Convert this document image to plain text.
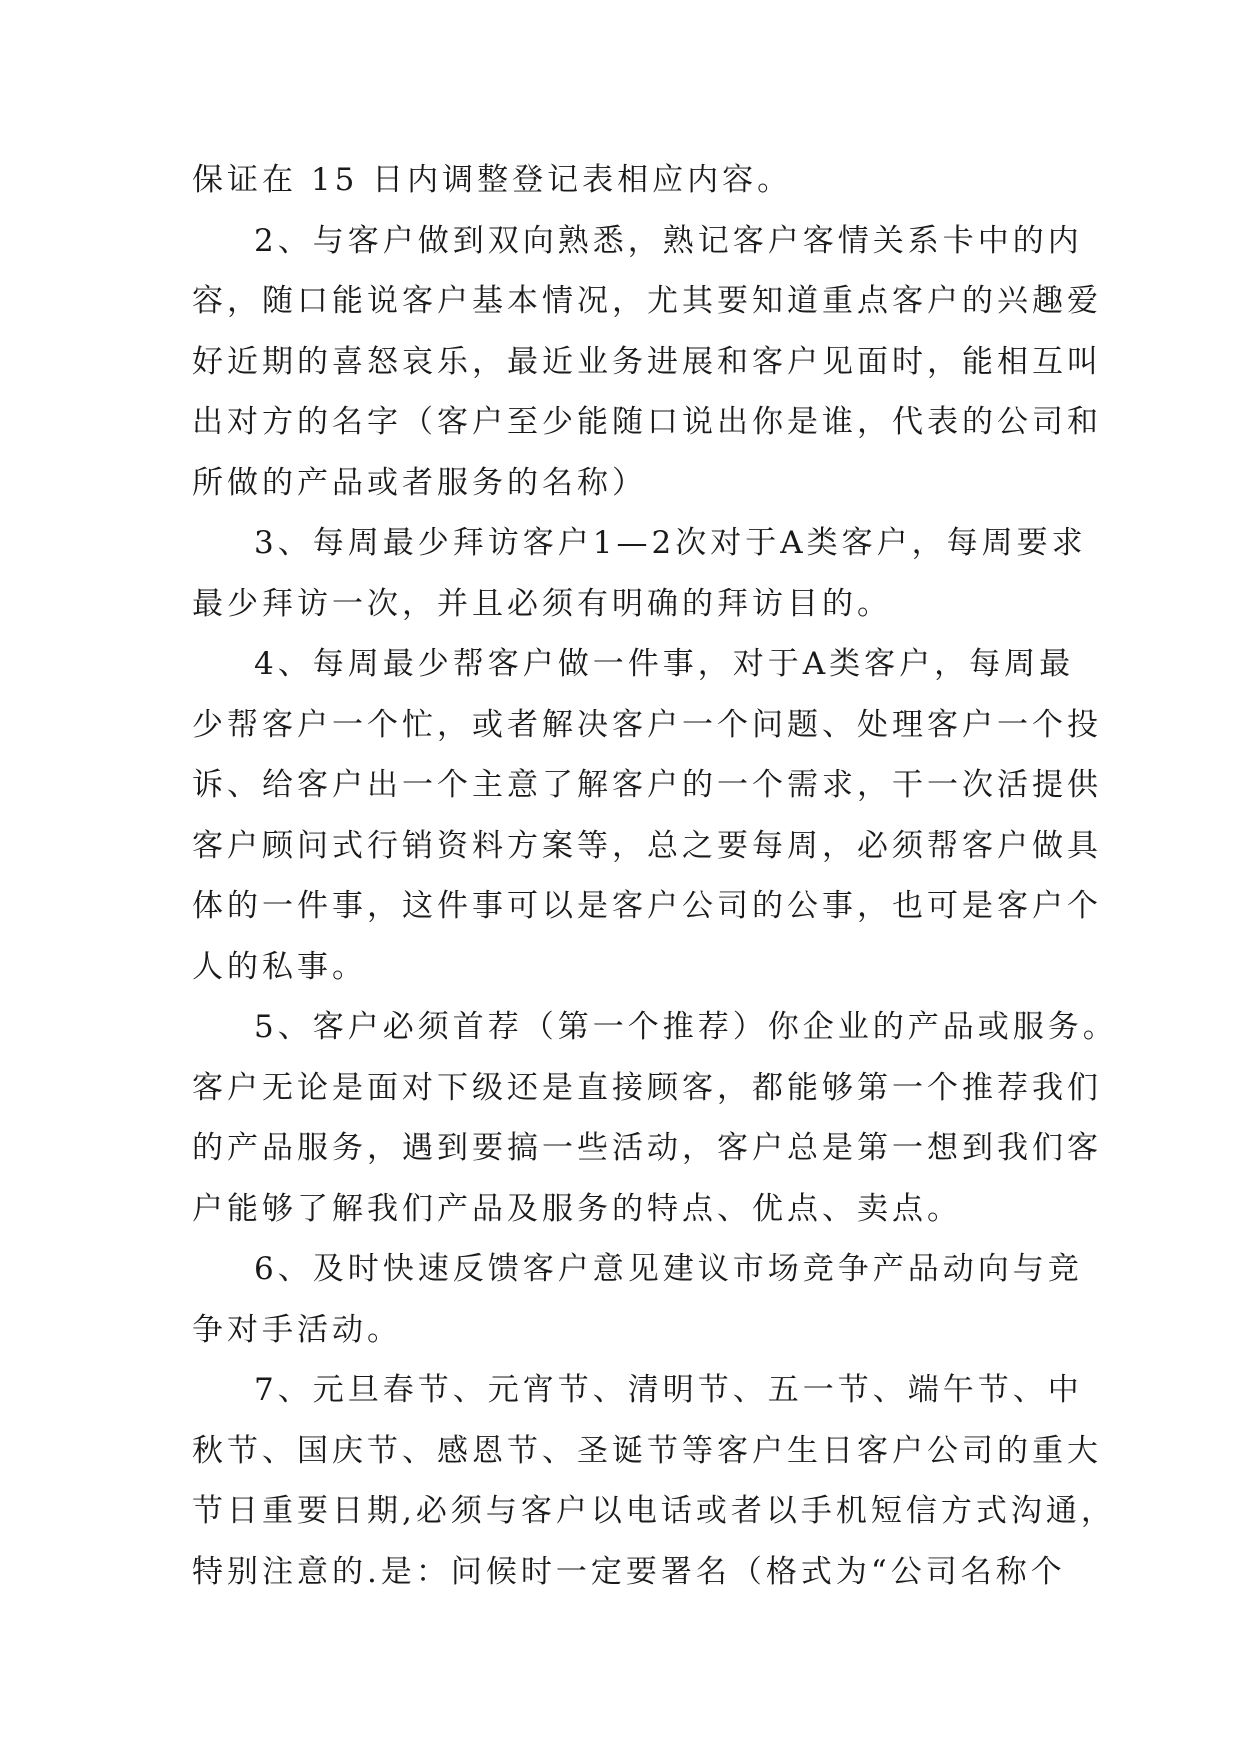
保证在 15 日内调整登记表相应内容。
2 、 与 客 户 做 到 双 向 熟 悉 ， 熟 记 客 户 客 情 关 系 卡 中 的 内
容 ， 随 口 能 说 客 户 基 本 情 况 ， 尤 其 要 知 道 重 点 客 户 的 兴 趣 爱
好 近 期 的 喜 怒 哀 乐 ， 最 近 业 务 进 展 和 客 户 见 面 时 ， 能 相 互 叫
出 对 方 的 名 字 （ 客 户 至 少 能 随 口 说 出 你 是 谁 ， 代 表 的 公 司 和
所做的产品或者服务的名称）
3 、 每 周 最 少 拜 访 客 户 1 — 2 次 对 于 A 类 客 户 ， 每 周 要 求
最少拜访一次，并且必须有明确的拜访目的。
4 、 每 周 最 少 帮 客 户 做 一 件 事 ， 对 于 A 类 客 户 ， 每 周 最
少 帮 客 户 一 个 忙 ， 或 者 解 决 客 户 一 个 问 题 、 处 理 客 户 一 个 投
诉 、 给 客 户 出 一 个 主 意 了 解 客 户 的 一 个 需 求 ， 干 一 次 活 提 供
客 户 顾 问 式 行 销 资 料 方 案 等 ， 总 之 要 每 周 ， 必 须 帮 客 户 做 具
体 的 一 件 事 ， 这 件 事 可 以 是 客 户 公 司 的 公 事 ， 也 可 是 客 户 个
人的私事。
5 、 客 户 必 须 首 荐 （ 第 一 个 推 荐 ） 你 企 业 的 产 品 或 服 务 。
客 户 无 论 是 面 对 下 级 还 是 直 接 顾 客 ， 都 能 够 第 一 个 推 荐 我 们
的 产 品 服 务 ， 遇 到 要 搞 一 些 活 动 ， 客 户 总 是 第 一 想 到 我 们 客
户能够了解我们产品及服务的特点、优点、卖点。
6 、 及 时 快 速 反 馈 客 户 意 见 建 议 市 场 竞 争 产 品 动 向 与 竞
争对手活动。
7 、 元 旦 春 节 、 元 宵 节 、 清 明 节 、 五 一 节 、 端 午 节 、 中
秋 节 、 国 庆 节 、 感 恩 节 、 圣 诞 节 等 客 户 生 日 客 户 公 司 的 重 大
节 日 重 要 日 期 , 必 须 与 客 户 以 电 话 或 者 以 手 机 短 信 方 式 沟 通 ，
特 别 注 意 的 . 是 ： 问 候 时 一 定 要 署 名 （ 格 式 为 “ 公 司 名 称 个
